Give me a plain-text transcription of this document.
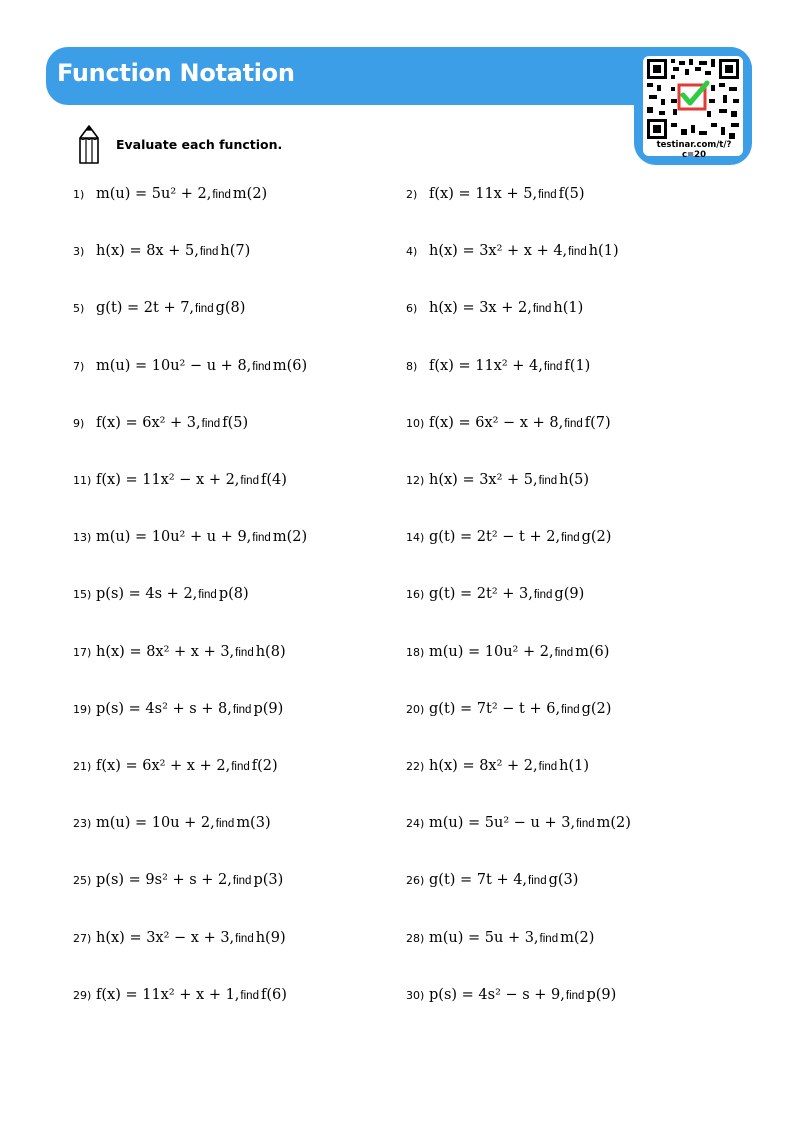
Function Notation
testinar.com/t/?c=20
Evaluate each function.
1) m(u) = 5u² + 2, find m(2)	2) f(x) = 11x + 5, find f(5)
3) h(x) = 8x + 5, find h(7)	4) h(x) = 3x² + x + 4, find h(1)
5) g(t) = 2t + 7, find g(8)	6) h(x) = 3x + 2, find h(1)
7) m(u) = 10u² − u + 8, find m(6)	8) f(x) = 11x² + 4, find f(1)
9) f(x) = 6x² + 3, find f(5)	10) f(x) = 6x² − x + 8, find f(7)
11) f(x) = 11x² − x + 2, find f(4)	12) h(x) = 3x² + 5, find h(5)
13) m(u) = 10u² + u + 9, find m(2)	14) g(t) = 2t² − t + 2, find g(2)
15) p(s) = 4s + 2, find p(8)	16) g(t) = 2t² + 3, find g(9)
17) h(x) = 8x² + x + 3, find h(8)	18) m(u) = 10u² + 2, find m(6)
19) p(s) = 4s² + s + 8, find p(9)	20) g(t) = 7t² − t + 6, find g(2)
21) f(x) = 6x² + x + 2, find f(2)	22) h(x) = 8x² + 2, find h(1)
23) m(u) = 10u + 2, find m(3)	24) m(u) = 5u² − u + 3, find m(2)
25) p(s) = 9s² + s + 2, find p(3)	26) g(t) = 7t + 4, find g(3)
27) h(x) = 3x² − x + 3, find h(9)	28) m(u) = 5u + 3, find m(2)
29) f(x) = 11x² + x + 1, find f(6)	30) p(s) = 4s² − s + 9, find p(9)
